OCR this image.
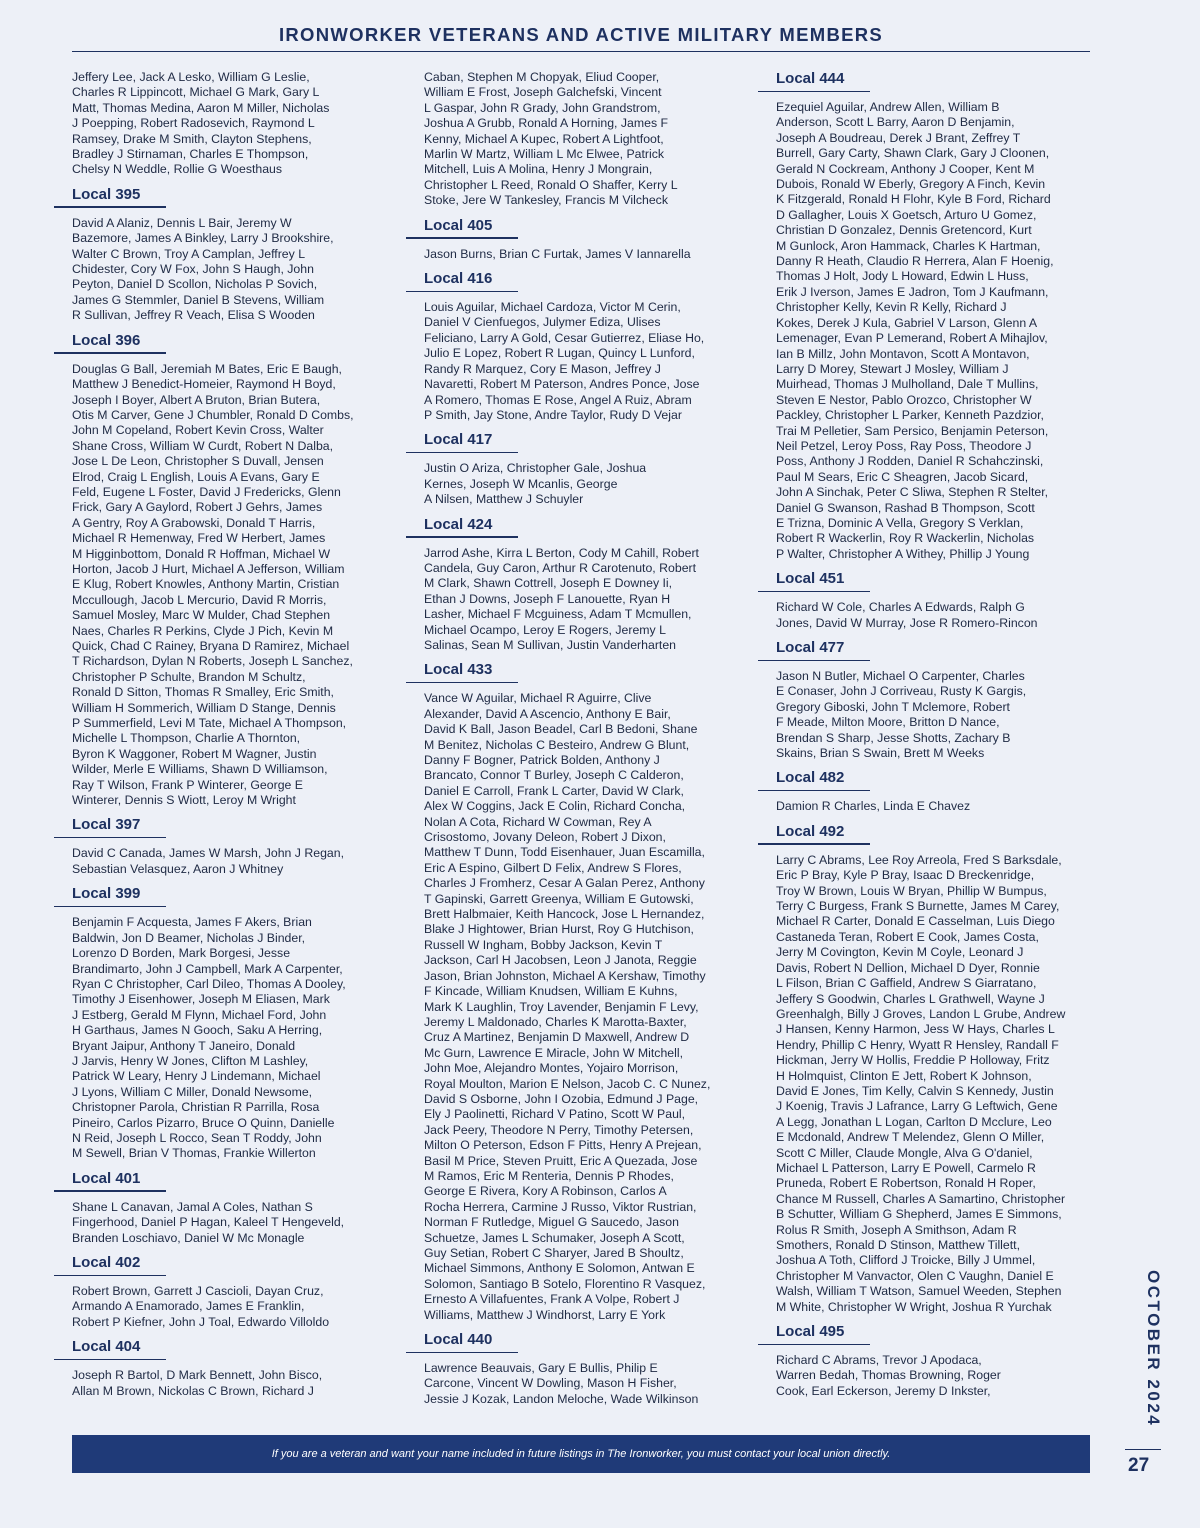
IRONWORKER VETERANS AND ACTIVE MILITARY MEMBERS

Jeffery Lee, Jack A Lesko, William G Leslie,
Charles R Lippincott, Michael G Mark, Gary L
Matt, Thomas Medina, Aaron M Miller, Nicholas
J Poepping, Robert Radosevich, Raymond L
Ramsey, Drake M Smith, Clayton Stephens,
Bradley J Stirnaman, Charles E Thompson,
Chelsy N Weddle, Rollie G Woesthaus

Local 395

David A Alaniz, Dennis L Bair, Jeremy W
Bazemore, James A Binkley, Larry J Brookshire,
Walter C Brown, Troy A Camplan, Jeffrey L
Chidester, Cory W Fox, John S Haugh, John
Peyton, Daniel D Scollon, Nicholas P Sovich,
James G Stemmler, Daniel B Stevens, William
R Sullivan, Jeffrey R Veach, Elisa S Wooden

Local 396

Douglas G Ball, Jeremiah M Bates, Eric E Baugh,
Matthew J Benedict-Homeier, Raymond H Boyd,
Joseph I Boyer, Albert A Bruton, Brian Butera,
Otis M Carver, Gene J Chumbler, Ronald D Combs,
John M Copeland, Robert Kevin Cross, Walter
Shane Cross, William W Curdt, Robert N Dalba,
Jose L De Leon, Christopher S Duvall, Jensen
Elrod, Craig L English, Louis A Evans, Gary E
Feld, Eugene L Foster, David J Fredericks, Glenn
Frick, Gary A Gaylord, Robert J Gehrs, James
A Gentry, Roy A Grabowski, Donald T Harris,
Michael R Hemenway, Fred W Herbert, James
M Higginbottom, Donald R Hoffman, Michael W
Horton, Jacob J Hurt, Michael A Jefferson, William
E Klug, Robert Knowles, Anthony Martin, Cristian
Mccullough, Jacob L Mercurio, David R Morris,
Samuel Mosley, Marc W Mulder, Chad Stephen
Naes, Charles R Perkins, Clyde J Pich, Kevin M
Quick, Chad C Rainey, Bryana D Ramirez, Michael
T Richardson, Dylan N Roberts, Joseph L Sanchez,
Christopher P Schulte, Brandon M Schultz,
Ronald D Sitton, Thomas R Smalley, Eric Smith,
William H Sommerich, William D Stange, Dennis
P Summerfield, Levi M Tate, Michael A Thompson,
Michelle L Thompson, Charlie A Thornton,
Byron K Waggoner, Robert M Wagner, Justin
Wilder, Merle E Williams, Shawn D Williamson,
Ray T Wilson, Frank P Winterer, George E
Winterer, Dennis S Wiott, Leroy M Wright

Local 397

David C Canada, James W Marsh, John J Regan,
Sebastian Velasquez, Aaron J Whitney

Local 399

Benjamin F Acquesta, James F Akers, Brian
Baldwin, Jon D Beamer, Nicholas J Binder,
Lorenzo D Borden, Mark Borgesi, Jesse
Brandimarto, John J Campbell, Mark A Carpenter,
Ryan C Christopher, Carl Dileo, Thomas A Dooley,
Timothy J Eisenhower, Joseph M Eliasen, Mark
J Estberg, Gerald M Flynn, Michael Ford, John
H Garthaus, James N Gooch, Saku A Herring,
Bryant Jaipur, Anthony T Janeiro, Donald
J Jarvis, Henry W Jones, Clifton M Lashley,
Patrick W Leary, Henry J Lindemann, Michael
J Lyons, William C Miller, Donald Newsome,
Christopner Parola, Christian R Parrilla, Rosa
Pineiro, Carlos Pizarro, Bruce O Quinn, Danielle
N Reid, Joseph L Rocco, Sean T Roddy, John
M Sewell, Brian V Thomas, Frankie Willerton

Local 401

Shane L Canavan, Jamal A Coles, Nathan S
Fingerhood, Daniel P Hagan, Kaleel T Hengeveld,
Branden Loschiavo, Daniel W Mc Monagle

Local 402

Robert Brown, Garrett J Cascioli, Dayan Cruz,
Armando A Enamorado, James E Franklin,
Robert P Kiefner, John J Toal, Edwardo Villoldo

Local 404

Joseph R Bartol, D Mark Bennett, John Bisco,
Allan M Brown, Nickolas C Brown, Richard J

Caban, Stephen M Chopyak, Eliud Cooper,
William E Frost, Joseph Galchefski, Vincent
L Gaspar, John R Grady, John Grandstrom,
Joshua A Grubb, Ronald A Horning, James F
Kenny, Michael A Kupec, Robert A Lightfoot,
Marlin W Martz, William L Mc Elwee, Patrick
Mitchell, Luis A Molina, Henry J Mongrain,
Christopher L Reed, Ronald O Shaffer, Kerry L
Stoke, Jere W Tankesley, Francis M Vilcheck

Local 405

Jason Burns, Brian C Furtak, James V Iannarella

Local 416

Louis Aguilar, Michael Cardoza, Victor M Cerin,
Daniel V Cienfuegos, Julymer Ediza, Ulises
Feliciano, Larry A Gold, Cesar Gutierrez, Eliase Ho,
Julio E Lopez, Robert R Lugan, Quincy L Lunford,
Randy R Marquez, Cory E Mason, Jeffrey J
Navaretti, Robert M Paterson, Andres Ponce, Jose
A Romero, Thomas E Rose, Angel A Ruiz, Abram
P Smith, Jay Stone, Andre Taylor, Rudy D Vejar

Local 417

Justin O Ariza, Christopher Gale, Joshua
Kernes, Joseph W Mcanlis, George
A Nilsen, Matthew J Schuyler

Local 424

Jarrod Ashe, Kirra L Berton, Cody M Cahill, Robert
Candela, Guy Caron, Arthur R Carotenuto, Robert
M Clark, Shawn Cottrell, Joseph E Downey Ii,
Ethan J Downs, Joseph F Lanouette, Ryan H
Lasher, Michael F Mcguiness, Adam T Mcmullen,
Michael Ocampo, Leroy E Rogers, Jeremy L
Salinas, Sean M Sullivan, Justin Vanderharten

Local 433

Vance W Aguilar, Michael R Aguirre, Clive
Alexander, David A Ascencio, Anthony E Bair,
David K Ball, Jason Beadel, Carl B Bedoni, Shane
M Benitez, Nicholas C Besteiro, Andrew G Blunt,
Danny F Bogner, Patrick Bolden, Anthony J
Brancato, Connor T Burley, Joseph C Calderon,
Daniel E Carroll, Frank L Carter, David W Clark,
Alex W Coggins, Jack E Colin, Richard Concha,
Nolan A Cota, Richard W Cowman, Rey A
Crisostomo, Jovany Deleon, Robert J Dixon,
Matthew T Dunn, Todd Eisenhauer, Juan Escamilla,
Eric A Espino, Gilbert D Felix, Andrew S Flores,
Charles J Fromherz, Cesar A Galan Perez, Anthony
T Gapinski, Garrett Greenya, William E Gutowski,
Brett Halbmaier, Keith Hancock, Jose L Hernandez,
Blake J Hightower, Brian Hurst, Roy G Hutchison,
Russell W Ingham, Bobby Jackson, Kevin T
Jackson, Carl H Jacobsen, Leon J Janota, Reggie
Jason, Brian Johnston, Michael A Kershaw, Timothy
F Kincade, William Knudsen, William E Kuhns,
Mark K Laughlin, Troy Lavender, Benjamin F Levy,
Jeremy L Maldonado, Charles K Marotta-Baxter,
Cruz A Martinez, Benjamin D Maxwell, Andrew D
Mc Gurn, Lawrence E Miracle, John W Mitchell,
John Moe, Alejandro Montes, Yojairo Morrison,
Royal Moulton, Marion E Nelson, Jacob C. C Nunez,
David S Osborne, John I Ozobia, Edmund J Page,
Ely J Paolinetti, Richard V Patino, Scott W Paul,
Jack Peery, Theodore N Perry, Timothy Petersen,
Milton O Peterson, Edson F Pitts, Henry A Prejean,
Basil M Price, Steven Pruitt, Eric A Quezada, Jose
M Ramos, Eric M Renteria, Dennis P Rhodes,
George E Rivera, Kory A Robinson, Carlos A
Rocha Herrera, Carmine J Russo, Viktor Rustrian,
Norman F Rutledge, Miguel G Saucedo, Jason
Schuetze, James L Schumaker, Joseph A Scott,
Guy Setian, Robert C Sharyer, Jared B Shoultz,
Michael Simmons, Anthony E Solomon, Antwan E
Solomon, Santiago B Sotelo, Florentino R Vasquez,
Ernesto A Villafuentes, Frank A Volpe, Robert J
Williams, Matthew J Windhorst, Larry E York

Local 440

Lawrence Beauvais, Gary E Bullis, Philip E
Carcone, Vincent W Dowling, Mason H Fisher,
Jessie J Kozak, Landon Meloche, Wade Wilkinson

Local 444

Ezequiel Aguilar, Andrew Allen, William B
Anderson, Scott L Barry, Aaron D Benjamin,
Joseph A Boudreau, Derek J Brant, Zeffrey T
Burrell, Gary Carty, Shawn Clark, Gary J Cloonen,
Gerald N Cockream, Anthony J Cooper, Kent M
Dubois, Ronald W Eberly, Gregory A Finch, Kevin
K Fitzgerald, Ronald H Flohr, Kyle B Ford, Richard
D Gallagher, Louis X Goetsch, Arturo U Gomez,
Christian D Gonzalez, Dennis Gretencord, Kurt
M Gunlock, Aron Hammack, Charles K Hartman,
Danny R Heath, Claudio R Herrera, Alan F Hoenig,
Thomas J Holt, Jody L Howard, Edwin L Huss,
Erik J Iverson, James E Jadron, Tom J Kaufmann,
Christopher Kelly, Kevin R Kelly, Richard J
Kokes, Derek J Kula, Gabriel V Larson, Glenn A
Lemenager, Evan P Lemerand, Robert A Mihajlov,
Ian B Millz, John Montavon, Scott A Montavon,
Larry D Morey, Stewart J Mosley, William J
Muirhead, Thomas J Mulholland, Dale T Mullins,
Steven E Nestor, Pablo Orozco, Christopher W
Packley, Christopher L Parker, Kenneth Pazdzior,
Trai M Pelletier, Sam Persico, Benjamin Peterson,
Neil Petzel, Leroy Poss, Ray Poss, Theodore J
Poss, Anthony J Rodden, Daniel R Schahczinski,
Paul M Sears, Eric C Sheagren, Jacob Sicard,
John A Sinchak, Peter C Sliwa, Stephen R Stelter,
Daniel G Swanson, Rashad B Thompson, Scott
E Trizna, Dominic A Vella, Gregory S Verklan,
Robert R Wackerlin, Roy R Wackerlin, Nicholas
P Walter, Christopher A Withey, Phillip J Young

Local 451

Richard W Cole, Charles A Edwards, Ralph G
Jones, David W Murray, Jose R Romero-Rincon

Local 477

Jason N Butler, Michael O Carpenter, Charles
E Conaser, John J Corriveau, Rusty K Gargis,
Gregory Giboski, John T Mclemore, Robert
F Meade, Milton Moore, Britton D Nance,
Brendan S Sharp, Jesse Shotts, Zachary B
Skains, Brian S Swain, Brett M Weeks

Local 482

Damion R Charles, Linda E Chavez

Local 492

Larry C Abrams, Lee Roy Arreola, Fred S Barksdale,
Eric P Bray, Kyle P Bray, Isaac D Breckenridge,
Troy W Brown, Louis W Bryan, Phillip W Bumpus,
Terry C Burgess, Frank S Burnette, James M Carey,
Michael R Carter, Donald E Casselman, Luis Diego
Castaneda Teran, Robert E Cook, James Costa,
Jerry M Covington, Kevin M Coyle, Leonard J
Davis, Robert N Dellion, Michael D Dyer, Ronnie
L Filson, Brian C Gaffield, Andrew S Giarratano,
Jeffery S Goodwin, Charles L Grathwell, Wayne J
Greenhalgh, Billy J Groves, Landon L Grube, Andrew
J Hansen, Kenny Harmon, Jess W Hays, Charles L
Hendry, Phillip C Henry, Wyatt R Hensley, Randall F
Hickman, Jerry W Hollis, Freddie P Holloway, Fritz
H Holmquist, Clinton E Jett, Robert K Johnson,
David E Jones, Tim Kelly, Calvin S Kennedy, Justin
J Koenig, Travis J Lafrance, Larry G Leftwich, Gene
A Legg, Jonathan L Logan, Carlton D Mcclure, Leo
E Mcdonald, Andrew T Melendez, Glenn O Miller,
Scott C Miller, Claude Mongle, Alva G O'daniel,
Michael L Patterson, Larry E Powell, Carmelo R
Pruneda, Robert E Robertson, Ronald H Roper,
Chance M Russell, Charles A Samartino, Christopher
B Schutter, William G Shepherd, James E Simmons,
Rolus R Smith, Joseph A Smithson, Adam R
Smothers, Ronald D Stinson, Matthew Tillett,
Joshua A Toth, Clifford J Troicke, Billy J Ummel,
Christopher M Vanvactor, Olen C Vaughn, Daniel E
Walsh, William T Watson, Samuel Weeden, Stephen
M White, Christopher W Wright, Joshua R Yurchak

Local 495

Richard C Abrams, Trevor J Apodaca,
Warren Bedah, Thomas Browning, Roger
Cook, Earl Eckerson, Jeremy D Inkster,

If you are a veteran and want your name included in future listings in The Ironworker, you must contact your local union directly.
OCTOBER 2024
27
